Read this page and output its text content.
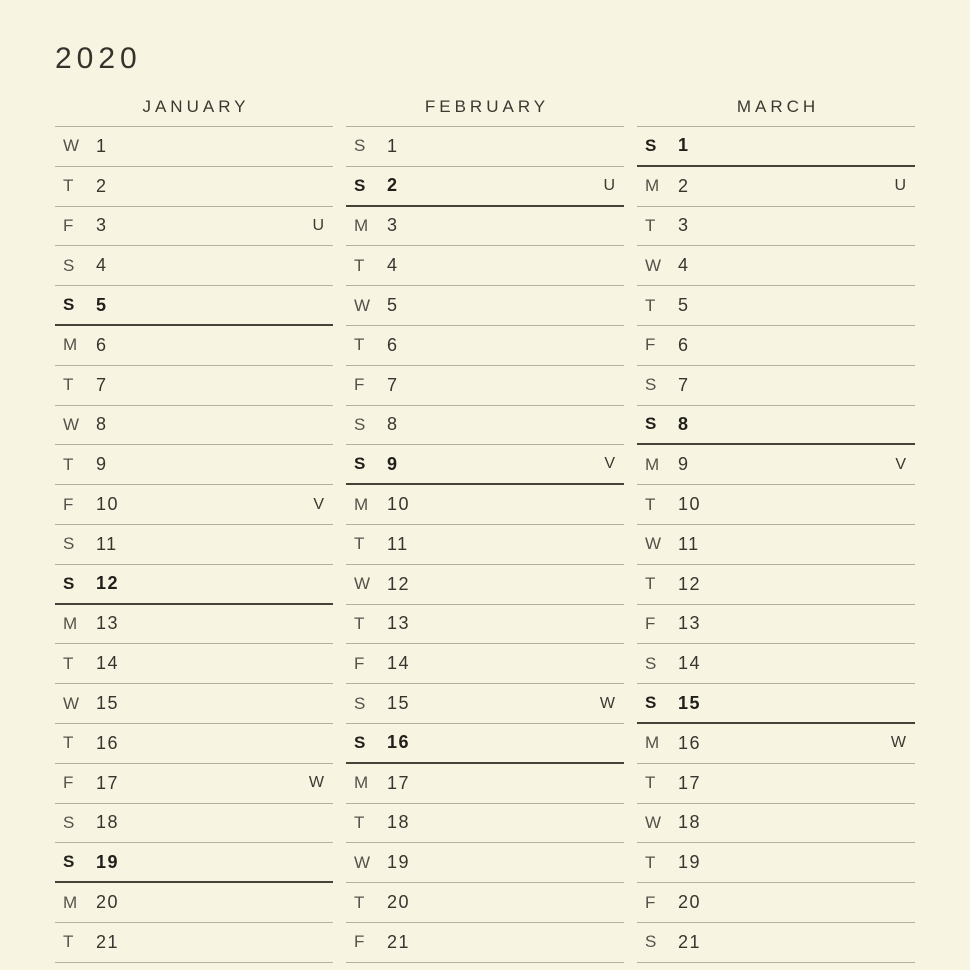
2020
JANUARY
W 1
T	2
F	3	U
S	4
S	5
M 6
T	7
W 8
T	9
F	10	V
S	11
S	12
M 13
T	14
W 15
T	16
F	17	W
S	18
S	19
M 20
T	21
FEBRUARY
S	1
S	2	U
M 3
T	4
W 5
T	6
F	7
S	8
S	9	V
M 10
T	11
W 12
T	13
F	14
S	15	W
S	16
M 17
T	18
W 19
T	20
F	21
MARCH
S	1
M 2	U
T	3
W 4
T	5
F	6
S	7
S	8
M 9	V
T	10
W 11
T	12
F	13
S	14
S	15
M 16	W
T	17
W 18
T	19
F	20
S	21
